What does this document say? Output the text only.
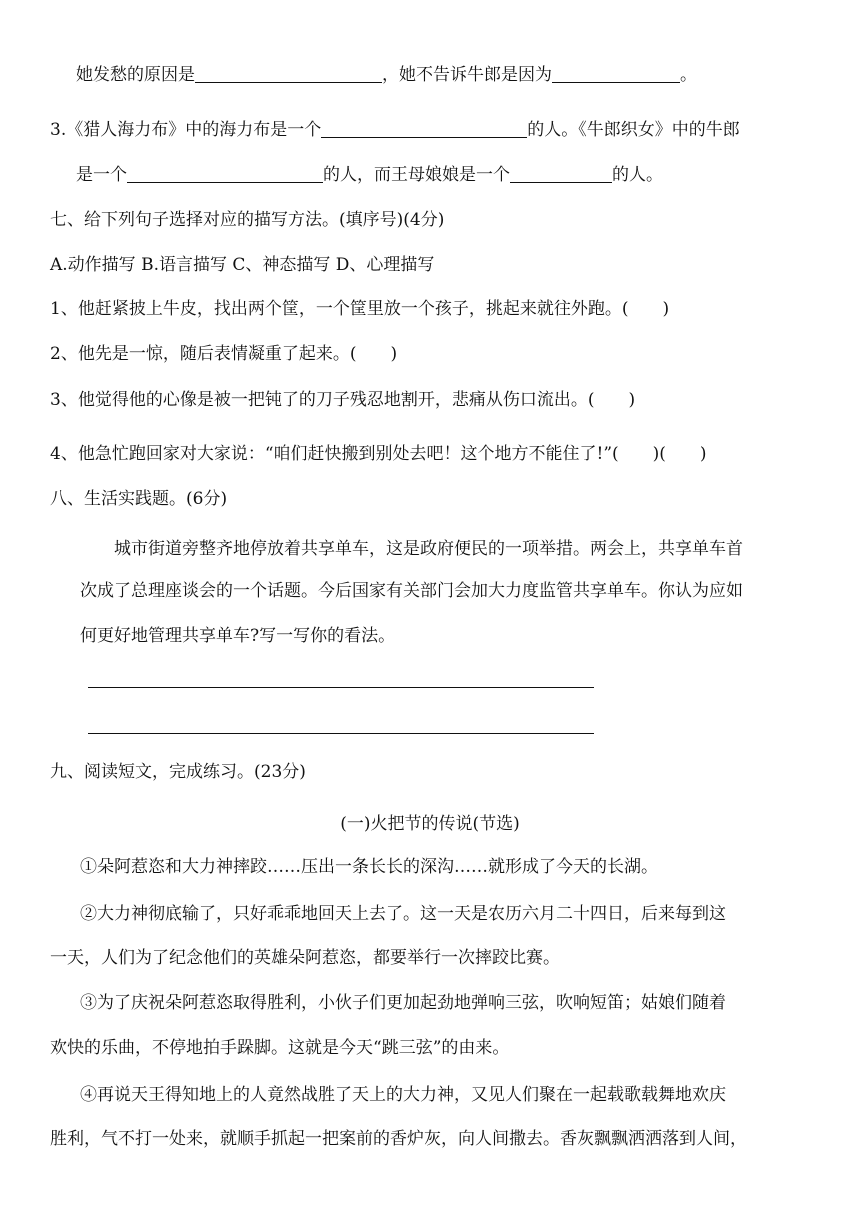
她发愁的原因是	，她不告诉牛郎是因为	。
3.《猎人海力布》中的海力布是一个	的人。《牛郎织女》中的牛郎
是一个	的人，而王母娘娘是一个	的人。
七、给下列句子选择对应的描写方法。(填序号)(4分)
A.动作描写 B.语言描写 C、神态描写 D、心理描写
1、他赶紧披上牛皮，找出两个筐，一个筐里放一个孩子，挑起来就往外跑。(　　)
2、他先是一惊，随后表情凝重了起来。(　　)
3、他觉得他的心像是被一把钝了的刀子残忍地割开，悲痛从伤口流出。(　　)
4、他急忙跑回家对大家说：“咱们赶快搬到别处去吧！这个地方不能住了!”(　　)(　　)
八、生活实践题。(6分)
城市街道旁整齐地停放着共享单车，这是政府便民的一项举措。两会上，共享单车首
次成了总理座谈会的一个话题。今后国家有关部门会加大力度监管共享单车。你认为应如
何更好地管理共享单车?写一写你的看法。
九、阅读短文，完成练习。(23分)
(一)火把节的传说(节选)
①朵阿惹恣和大力神摔跤……压出一条长长的深沟……就形成了今天的长湖。
②大力神彻底输了，只好乖乖地回天上去了。这一天是农历六月二十四日，后来每到这
一天，人们为了纪念他们的英雄朵阿惹恣，都要举行一次摔跤比赛。
③为了庆祝朵阿惹恣取得胜利，小伙子们更加起劲地弹响三弦，吹响短笛；姑娘们随着
欢快的乐曲，不停地拍手跺脚。这就是今天“跳三弦”的由来。
④再说天王得知地上的人竟然战胜了天上的大力神，又见人们聚在一起载歌载舞地欢庆
胜利，气不打一处来，就顺手抓起一把案前的香炉灰，向人间撒去。香灰飘飘洒洒落到人间，
